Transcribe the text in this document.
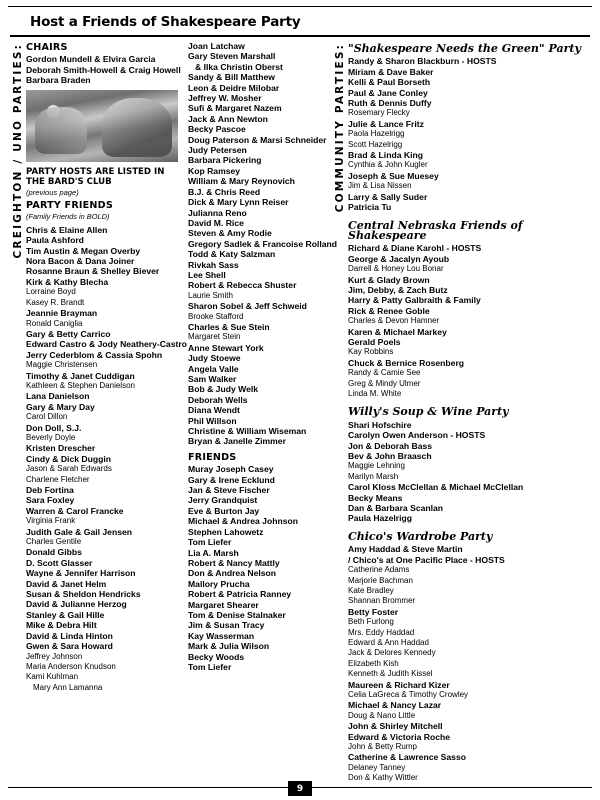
Host a Friends of Shakespeare Party
CREIGHTON / UNO PARTIES: CHAIRS
Gordon Mundell & Elvira Garcia
Deborah Smith-Howell & Craig Howell
Barbara Braden
PARTY HOSTS ARE LISTED IN THE BARD'S CLUB
(previous page)
PARTY FRIENDS
(Family Friends in BOLD)
Chris & Elaine Allen
Paula Ashford
Tim Austin & Megan Overby
Nora Bacon & Dana Joiner
Rosanne Braun & Shelley Biever
Kirk & Kathy Blecha
Lorraine Boyd
Kasey R. Brandt
Jeannie Brayman
Ronald Caniglia
Gary & Betty Carrico
Edward Castro & Jody Neathery-Castro
Jerry Cederblom & Cassia Spohn
Maggie Christensen
Timothy & Janet Cuddigan
Kathleen & Stephen Danielson
Lana Danielson
Gary & Mary Day
Carol Dillon
Don Doll, S.J.
Beverly Doyle
Kristen Drescher
Cindy & Dick Duggin
Jason & Sarah Edwards
Charlene Fletcher
Deb Fortina
Sara Foxley
Warren & Carol Francke
Virginia Frank
Judith Gale & Gail Jensen
Charles Gentile
Donald Gibbs
D. Scott Glasser
Wayne & Jennifer Harrison
David & Janet Helm
Susan & Sheldon Hendricks
David & Julianne Herzog
Stanley & Gail Hille
Mike & Debra Hilt
David & Linda Hinton
Gwen & Sara Howard
Jeffrey Johnson
Maria Anderson Knudson
Kami Kuhlman
Mary Ann Lamanna
Joan Latchaw
Gary Steven Marshall
& Ilka Christin Oberst
Sandy & Bill Matthew
Leon & Deidre Milobar
Jeffrey W. Mosher
Sufi & Margaret Nazem
Jack & Ann Newton
Becky Pascoe
Doug Paterson & Marsi Schneider
Judy Petersen
Barbara Pickering
Kop Ramsey
William & Mary Reynovich
B.J. & Chris Reed
Dick & Mary Lynn Reiser
Julianna Reno
David M. Rice
Steven & Amy Rodie
Gregory Sadlek & Francoise Rolland
Todd & Katy Salzman
Rivkah Sass
Lee Shell
Robert & Rebecca Shuster
Laurie Smith
Sharon Sobel & Jeff Schweid
Brooke Stafford
Charles & Sue Stein
Margaret Stein
Anne Stewart York
Judy Stoewe
Angela Valle
Sam Walker
Bob & Judy Welk
Deborah Wells
Diana Wendt
Phil Willson
Christine & William Wiseman
Bryan & Janelle Zimmer
FRIENDS
Muray Joseph Casey
Gary & Irene Ecklund
Jan & Steve Fischer
Jerry Grandquist
Eve & Burton Jay
Michael & Andrea Johnson
Stephen Lahowetz
Tom Liefer
Lia A. Marsh
Robert & Nancy Mattly
Don & Andrea Nelson
Mallory Prucha
Robert & Patricia Ranney
Margaret Shearer
Tom & Denise Stalnaker
Jim & Susan Tracy
Kay Wasserman
Mark & Julia Wilson
Becky Woods
Tom Liefer
COMMUNITY PARTIES: "Shakespeare Needs the Green" Party
Randy & Sharon Blackburn - HOSTS
Miriam & Dave Baker
Kelli & Paul Borseth
Paul & Jane Conley
Ruth & Dennis Duffy
Rosemary Flecky
Julie & Lance Fritz
Paola Hazelrigg
Scott Hazelrigg
Brad & Linda King
Cynthia & John Kugler
Joseph & Sue Muesey
Jim & Lisa Nissen
Larry & Sally Suder
Patricia Tu
Central Nebraska Friends of Shakespeare
Richard & Diane Karohl - HOSTS
George & Jacalyn Ayoub
Darrell & Honey Lou Bonar
Kurt & Glady Brown
Jim, Debby, & Zach Butz
Harry & Patty Galbraith & Family
Rick & Renee Goble
Charles & Devon Hamner
Karen & Michael Markey
Gerald Poels
Kay Robbins
Chuck & Bernice Rosenberg
Randy & Camie See
Greg & Mindy Ulmer
Linda M. White
Willy's Soup & Wine Party
Shari Hofschire
Carolyn Owen Anderson - HOSTS
Jon & Deborah Bass
Bev & John Braasch
Maggie Lehning
Marilyn Marsh
Carol Kloss McClellan & Michael McClellan
Becky Means
Dan & Barbara Scanlan
Paula Hazelrigg
Chico's Wardrobe Party
Amy Haddad & Steve Martin
/ Chico's at One Pacific Place - HOSTS
Catherine Adams
Marjorie Bachman
Kate Bradley
Shannan Brommer
Betty Foster
Beth Furlong
Mrs. Eddy Haddad
Edward & Ann Haddad
Jack & Delores Kennedy
Elizabeth Kish
Kenneth & Judith Kissel
Maureen & Richard Kizer
Celia LaGreca & Timothy Crowley
Michael & Nancy Lazar
Doug & Nano Little
John & Shirley Mitchell
Edward & Victoria Roche
John & Betty Rump
Catherine & Lawrence Sasso
Delaney Tanney
Don & Kathy Wittler
9
